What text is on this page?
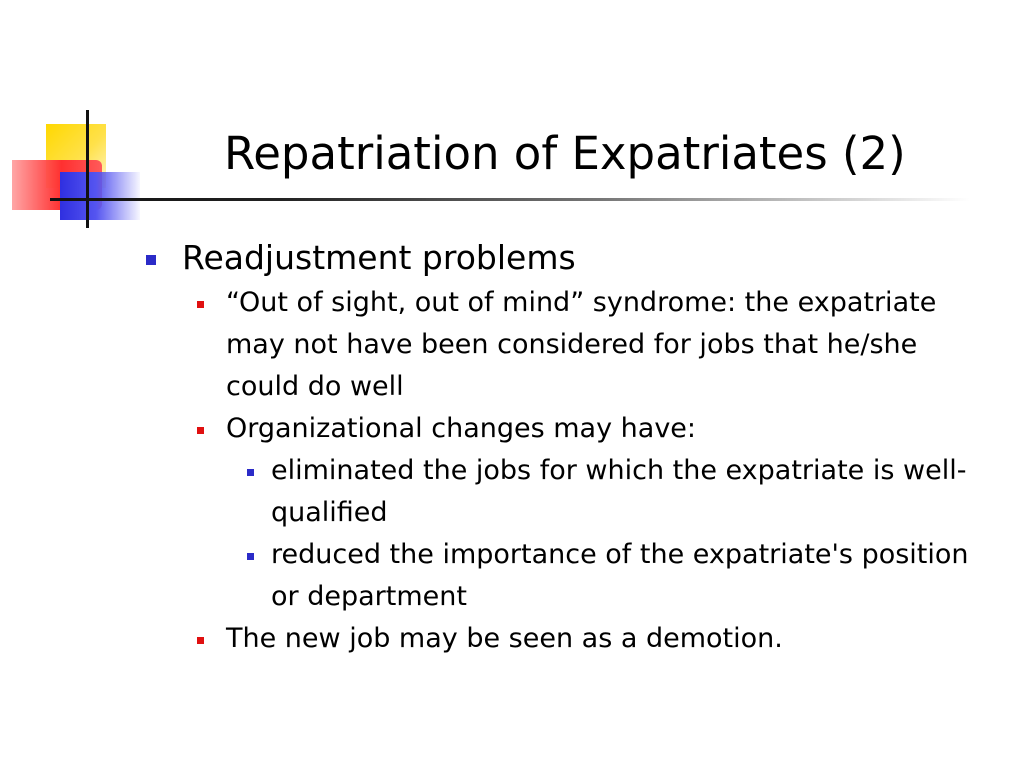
Repatriation of Expatriates (2)
Readjustment problems
“Out of sight, out of mind” syndrome: the expatriate may not have been considered for jobs that he/she could do well
Organizational changes may have:
eliminated the jobs for which the expatriate is well-qualified
reduced the importance of the expatriate's position or department
The new job may be seen as a demotion.
